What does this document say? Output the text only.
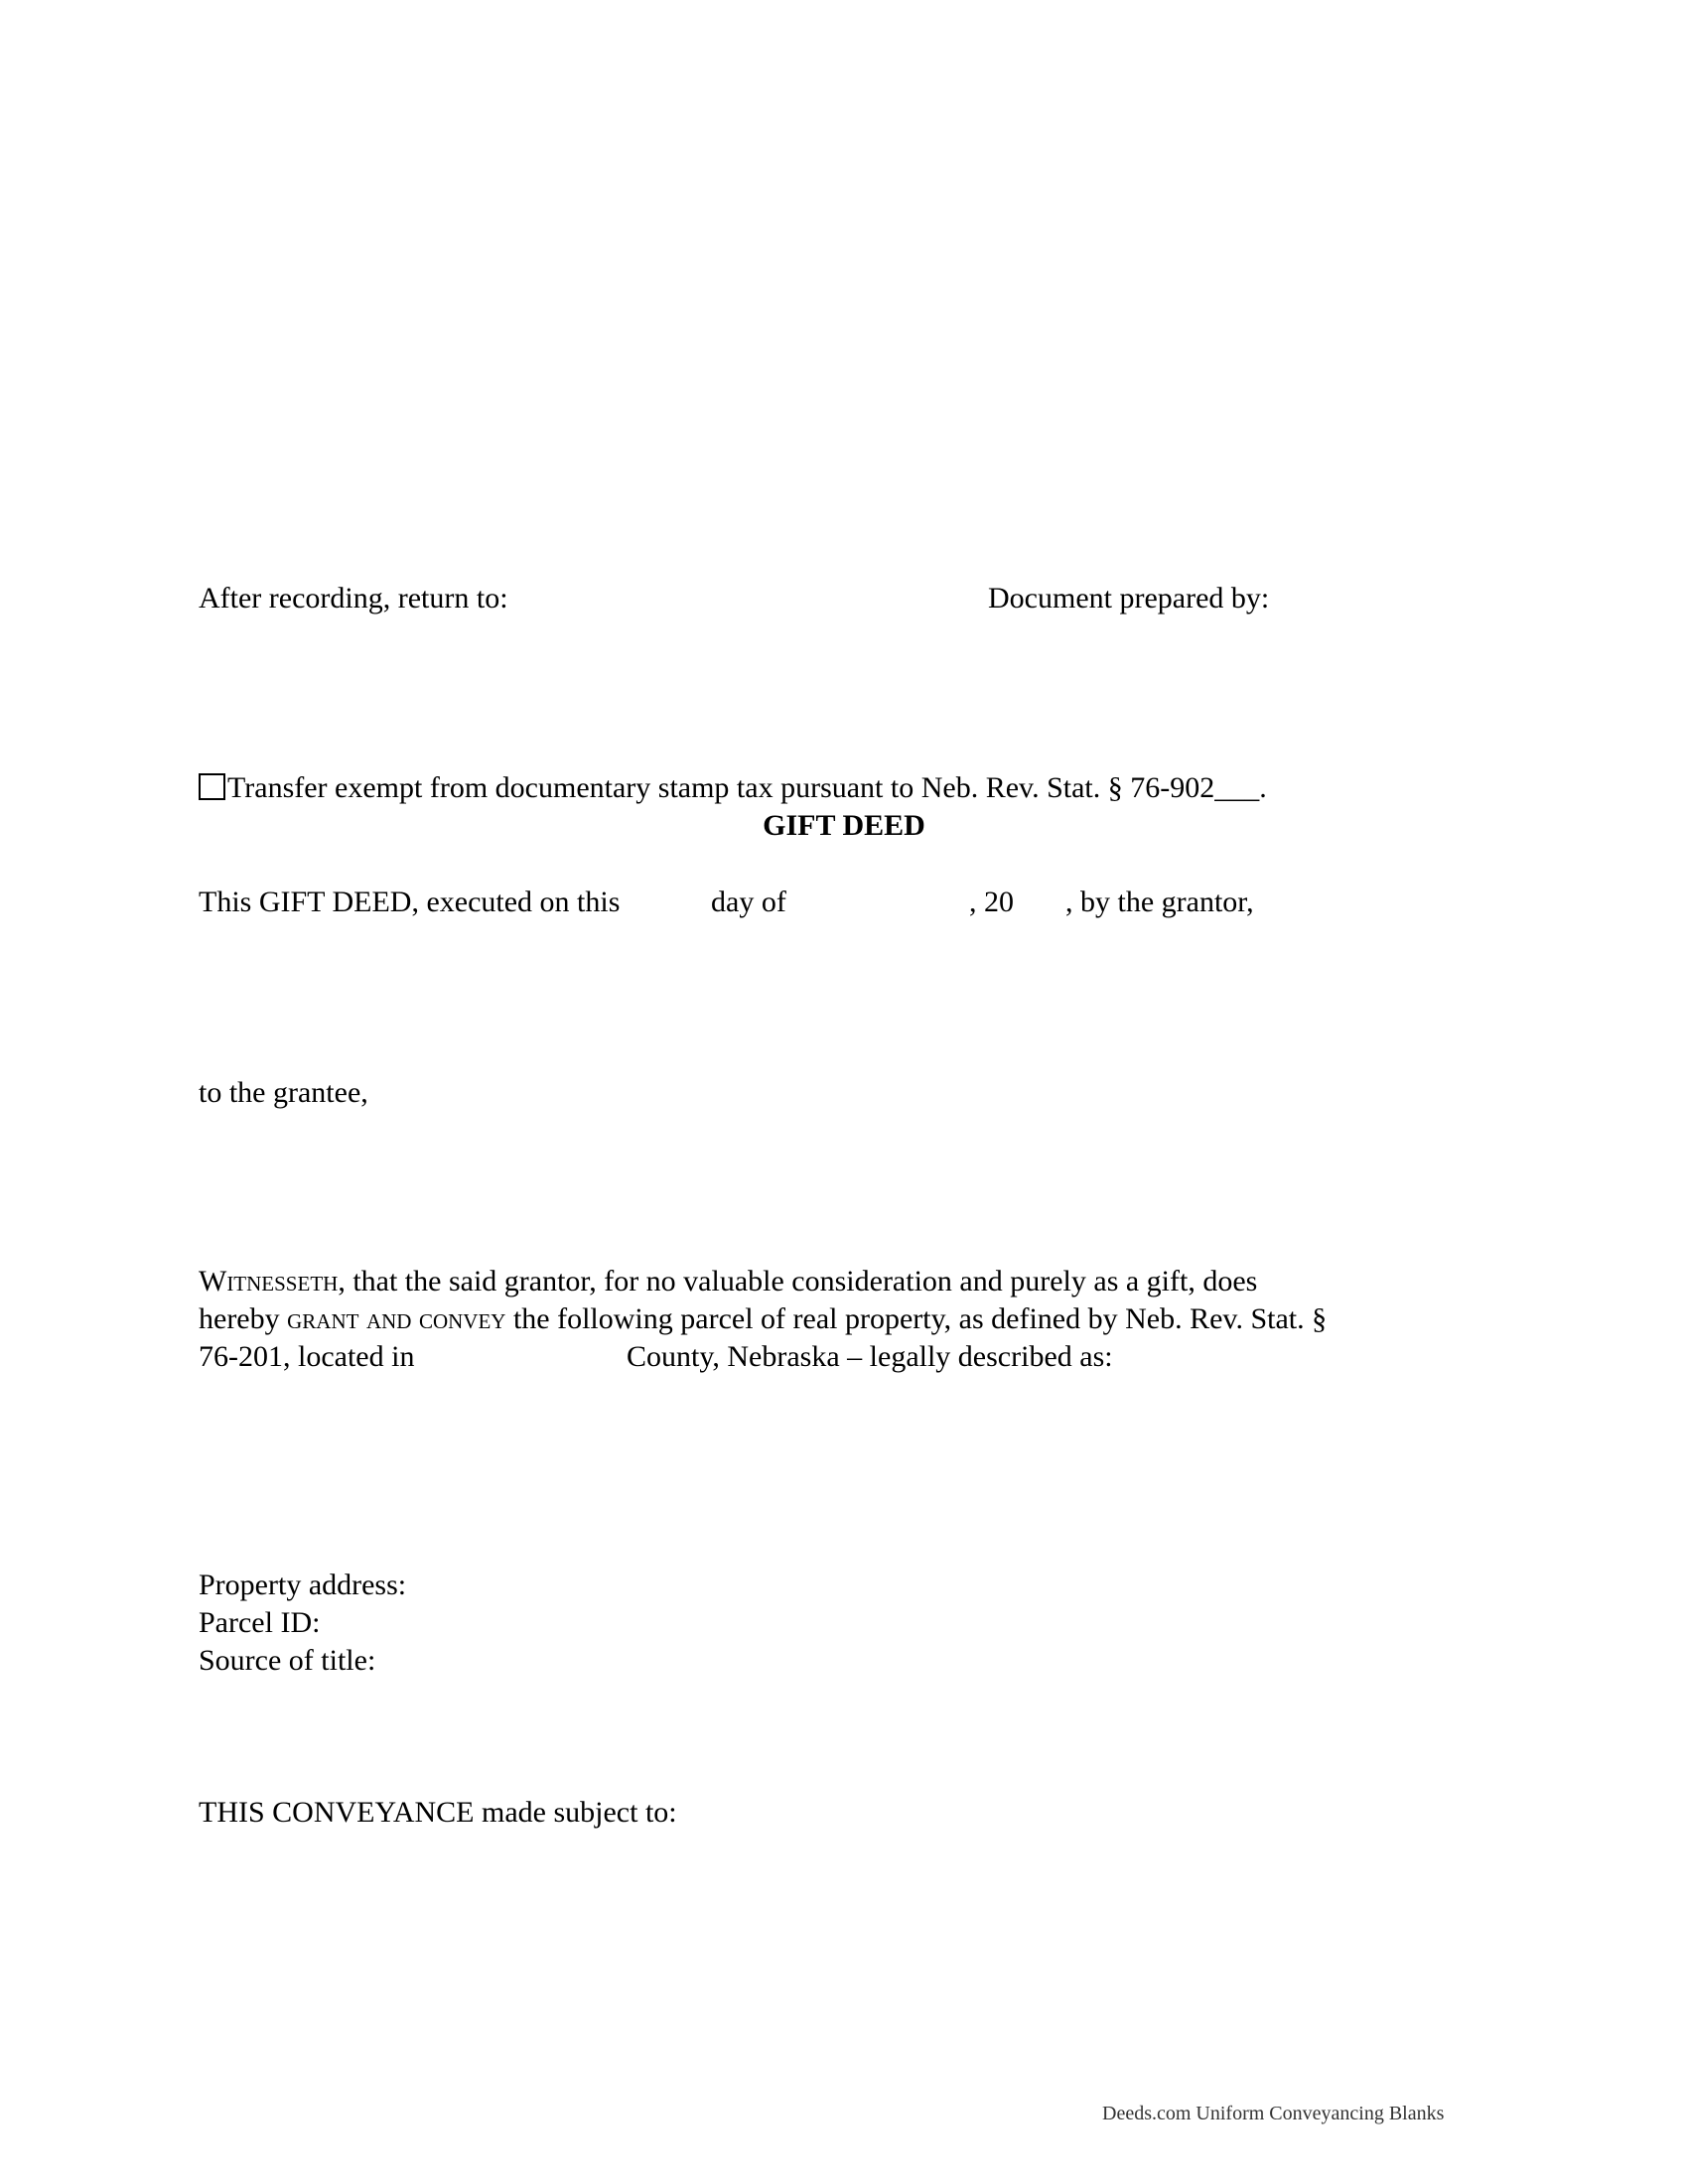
After recording, return to:	Document prepared by:
Transfer exempt from documentary stamp tax pursuant to Neb. Rev. Stat. § 76-902___.
GIFT DEED
This GIFT DEED, executed on this	day of	, 20 , by the grantor,
to the grantee,
Witnesseth, that the said grantor, for no valuable consideration and purely as a gift, does
hereby grant and convey the following parcel of real property, as defined by Neb. Rev. Stat. §
76-201, located in	County, Nebraska – legally described as:
Property address:
Parcel ID:
Source of title:
THIS CONVEYANCE made subject to:
Deeds.com Uniform Conveyancing Blanks
